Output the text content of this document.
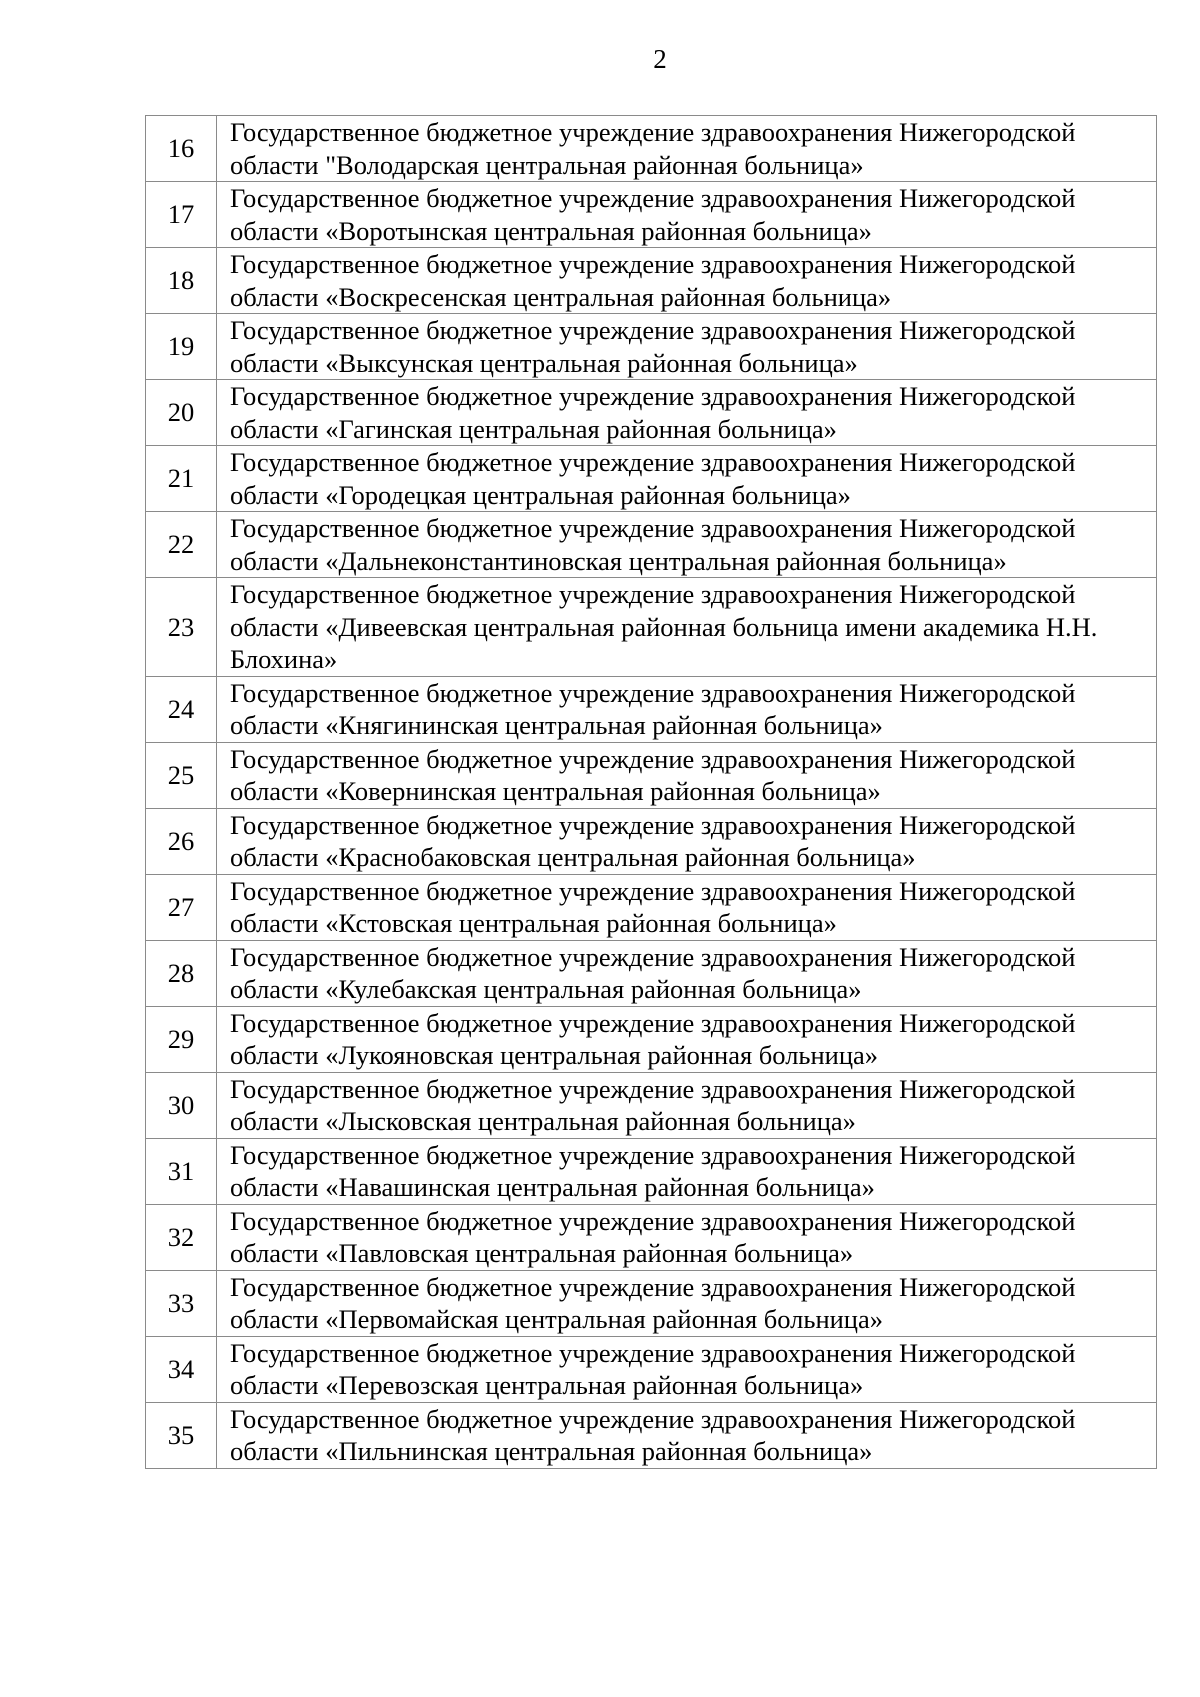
2
16	Государственное бюджетное учреждение здравоохранения Нижегородской области "Володарская центральная районная больница»
17	Государственное бюджетное учреждение здравоохранения Нижегородской области «Воротынская центральная районная больница»
18	Государственное бюджетное учреждение здравоохранения Нижегородской области «Воскресенская центральная районная больница»
19	Государственное бюджетное учреждение здравоохранения Нижегородской области «Выксунская центральная районная больница»
20	Государственное бюджетное учреждение здравоохранения Нижегородской области «Гагинская центральная районная больница»
21	Государственное бюджетное учреждение здравоохранения Нижегородской области «Городецкая центральная районная больница»
22	Государственное бюджетное учреждение здравоохранения Нижегородской области «Дальнеконстантиновская центральная районная больница»
23	Государственное бюджетное учреждение здравоохранения Нижегородской области «Дивеевская центральная районная больница имени академика Н.Н. Блохина»
24	Государственное бюджетное учреждение здравоохранения Нижегородской области «Княгининская центральная районная больница»
25	Государственное бюджетное учреждение здравоохранения Нижегородской области «Ковернинская центральная районная больница»
26	Государственное бюджетное учреждение здравоохранения Нижегородской области «Краснобаковская центральная районная больница»
27	Государственное бюджетное учреждение здравоохранения Нижегородской области «Кстовская центральная районная больница»
28	Государственное бюджетное учреждение здравоохранения Нижегородской области «Кулебакская центральная районная больница»
29	Государственное бюджетное учреждение здравоохранения Нижегородской области «Лукояновская центральная районная больница»
30	Государственное бюджетное учреждение здравоохранения Нижегородской области «Лысковская центральная районная больница»
31	Государственное бюджетное учреждение здравоохранения Нижегородской области «Навашинская центральная районная больница»
32	Государственное бюджетное учреждение здравоохранения Нижегородской области «Павловская центральная районная больница»
33	Государственное бюджетное учреждение здравоохранения Нижегородской области «Первомайская центральная районная больница»
34	Государственное бюджетное учреждение здравоохранения Нижегородской области «Перевозская центральная районная больница»
35	Государственное бюджетное учреждение здравоохранения Нижегородской области «Пильнинская центральная районная больница»
